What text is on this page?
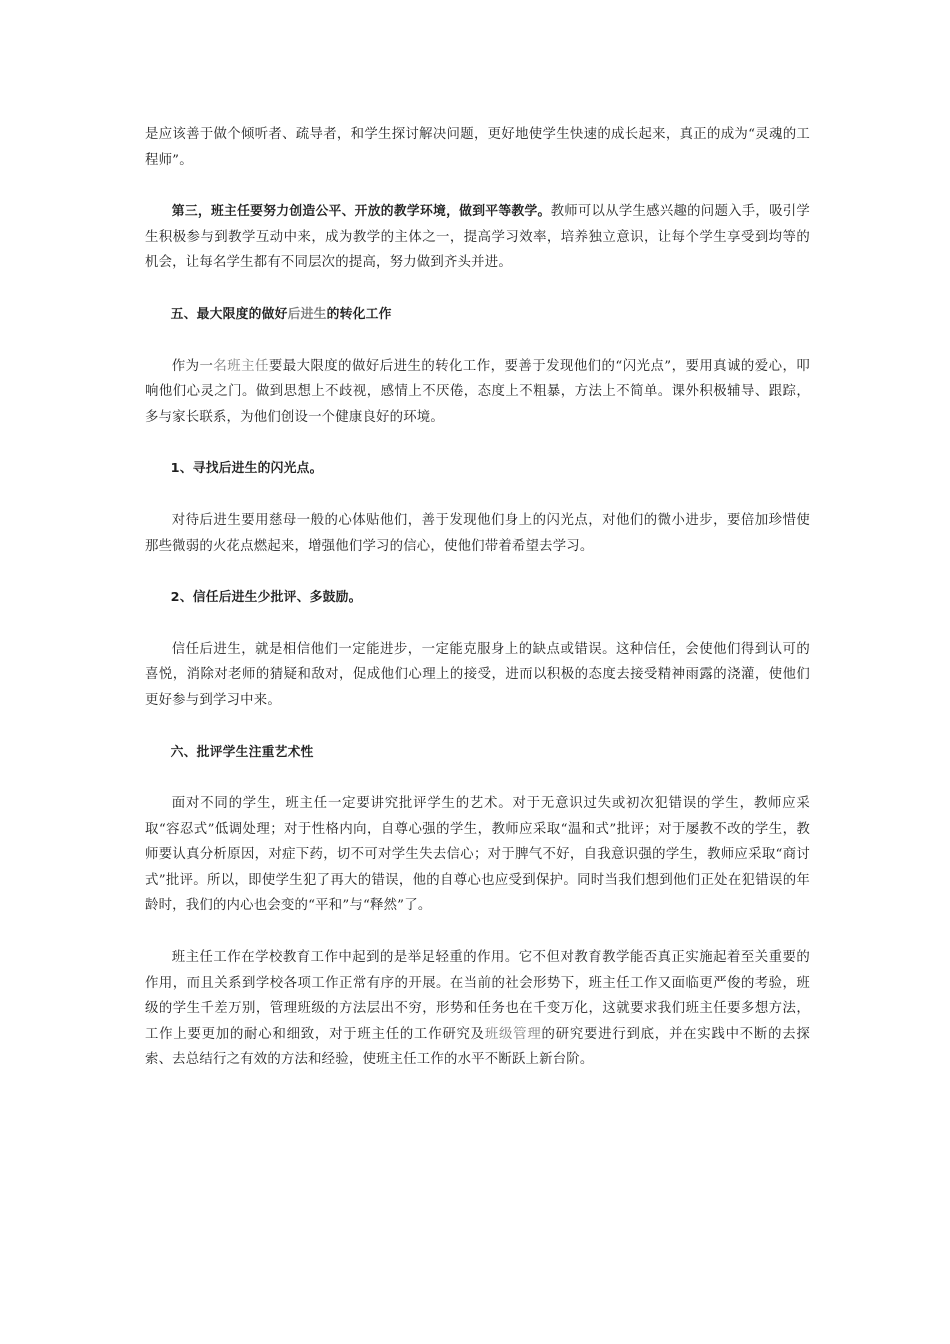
是应该善于做个倾听者、疏导者，和学生探讨解决问题，更好地使学生快速的成长起来，真正的成为“灵魂的工程师”。

第三，班主任要努力创造公平、开放的教学环境，做到平等教学。教师可以从学生感兴趣的问题入手，吸引学生积极参与到教学互动中来，成为教学的主体之一，提高学习效率，培养独立意识，让每个学生享受到均等的机会，让每名学生都有不同层次的提高，努力做到齐头并进。

五、最大限度的做好后进生的转化工作

作为一名班主任要最大限度的做好后进生的转化工作，要善于发现他们的“闪光点”，要用真诚的爱心，叩响他们心灵之门。做到思想上不歧视，感情上不厌倦，态度上不粗暴，方法上不简单。课外积极辅导、跟踪，多与家长联系，为他们创设一个健康良好的环境。

1、寻找后进生的闪光点。

对待后进生要用慈母一般的心体贴他们，善于发现他们身上的闪光点，对他们的微小进步，要倍加珍惜使那些微弱的火花点燃起来，增强他们学习的信心，使他们带着希望去学习。

2、信任后进生少批评、多鼓励。

信任后进生，就是相信他们一定能进步，一定能克服身上的缺点或错误。这种信任，会使他们得到认可的喜悦，消除对老师的猜疑和敌对，促成他们心理上的接受，进而以积极的态度去接受精神雨露的浇灌，使他们更好参与到学习中来。

六、批评学生注重艺术性

面对不同的学生，班主任一定要讲究批评学生的艺术。对于无意识过失或初次犯错误的学生，教师应采取“容忍式”低调处理；对于性格内向，自尊心强的学生，教师应采取“温和式”批评；对于屡教不改的学生，教师要认真分析原因，对症下药，切不可对学生失去信心；对于脾气不好，自我意识强的学生，教师应采取“商讨式”批评。所以，即使学生犯了再大的错误，他的自尊心也应受到保护。同时当我们想到他们正处在犯错误的年龄时，我们的内心也会变的“平和”与“释然”了。

班主任工作在学校教育工作中起到的是举足轻重的作用。它不但对教育教学能否真正实施起着至关重要的作用，而且关系到学校各项工作正常有序的开展。在当前的社会形势下，班主任工作又面临更严俊的考验，班级的学生千差万别，管理班级的方法层出不穷，形势和任务也在千变万化，这就要求我们班主任要多想方法，工作上要更加的耐心和细致，对于班主任的工作研究及班级管理的研究要进行到底，并在实践中不断的去探索、去总结行之有效的方法和经验，使班主任工作的水平不断跃上新台阶。
